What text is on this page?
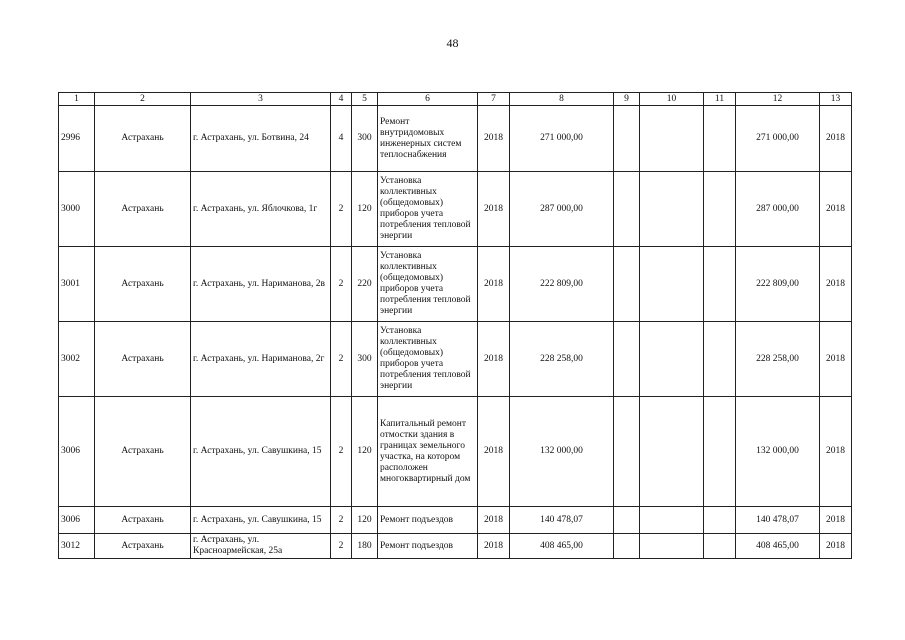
48
1	2	3	4	5	6	7	8	9	10	11	12	13
2996	Астрахань	г. Астрахань, ул. Ботвина, 24	4	300	Ремонт внутридомовых инженерных систем теплоснабжения	2018	271 000,00				271 000,00	2018
3000	Астрахань	г. Астрахань, ул. Яблочкова, 1г	2	120	Установка коллективных (общедомовых) приборов учета потребления тепловой энергии	2018	287 000,00				287 000,00	2018
3001	Астрахань	г. Астрахань, ул. Нариманова, 2в	2	220	Установка коллективных (общедомовых) приборов учета потребления тепловой энергии	2018	222 809,00				222 809,00	2018
3002	Астрахань	г. Астрахань, ул. Нариманова, 2г	2	300	Установка коллективных (общедомовых) приборов учета потребления тепловой энергии	2018	228 258,00				228 258,00	2018
3006	Астрахань	г. Астрахань, ул. Савушкина, 15	2	120	Капитальный ремонт отмостки здания в границах земельного участка, на котором расположен многоквартирный дом	2018	132 000,00				132 000,00	2018
3006	Астрахань	г. Астрахань, ул. Савушкина, 15	2	120	Ремонт подъездов	2018	140 478,07				140 478,07	2018
3012	Астрахань	г. Астрахань, ул. Красноармейская, 25а	2	180	Ремонт подъездов	2018	408 465,00				408 465,00	2018
